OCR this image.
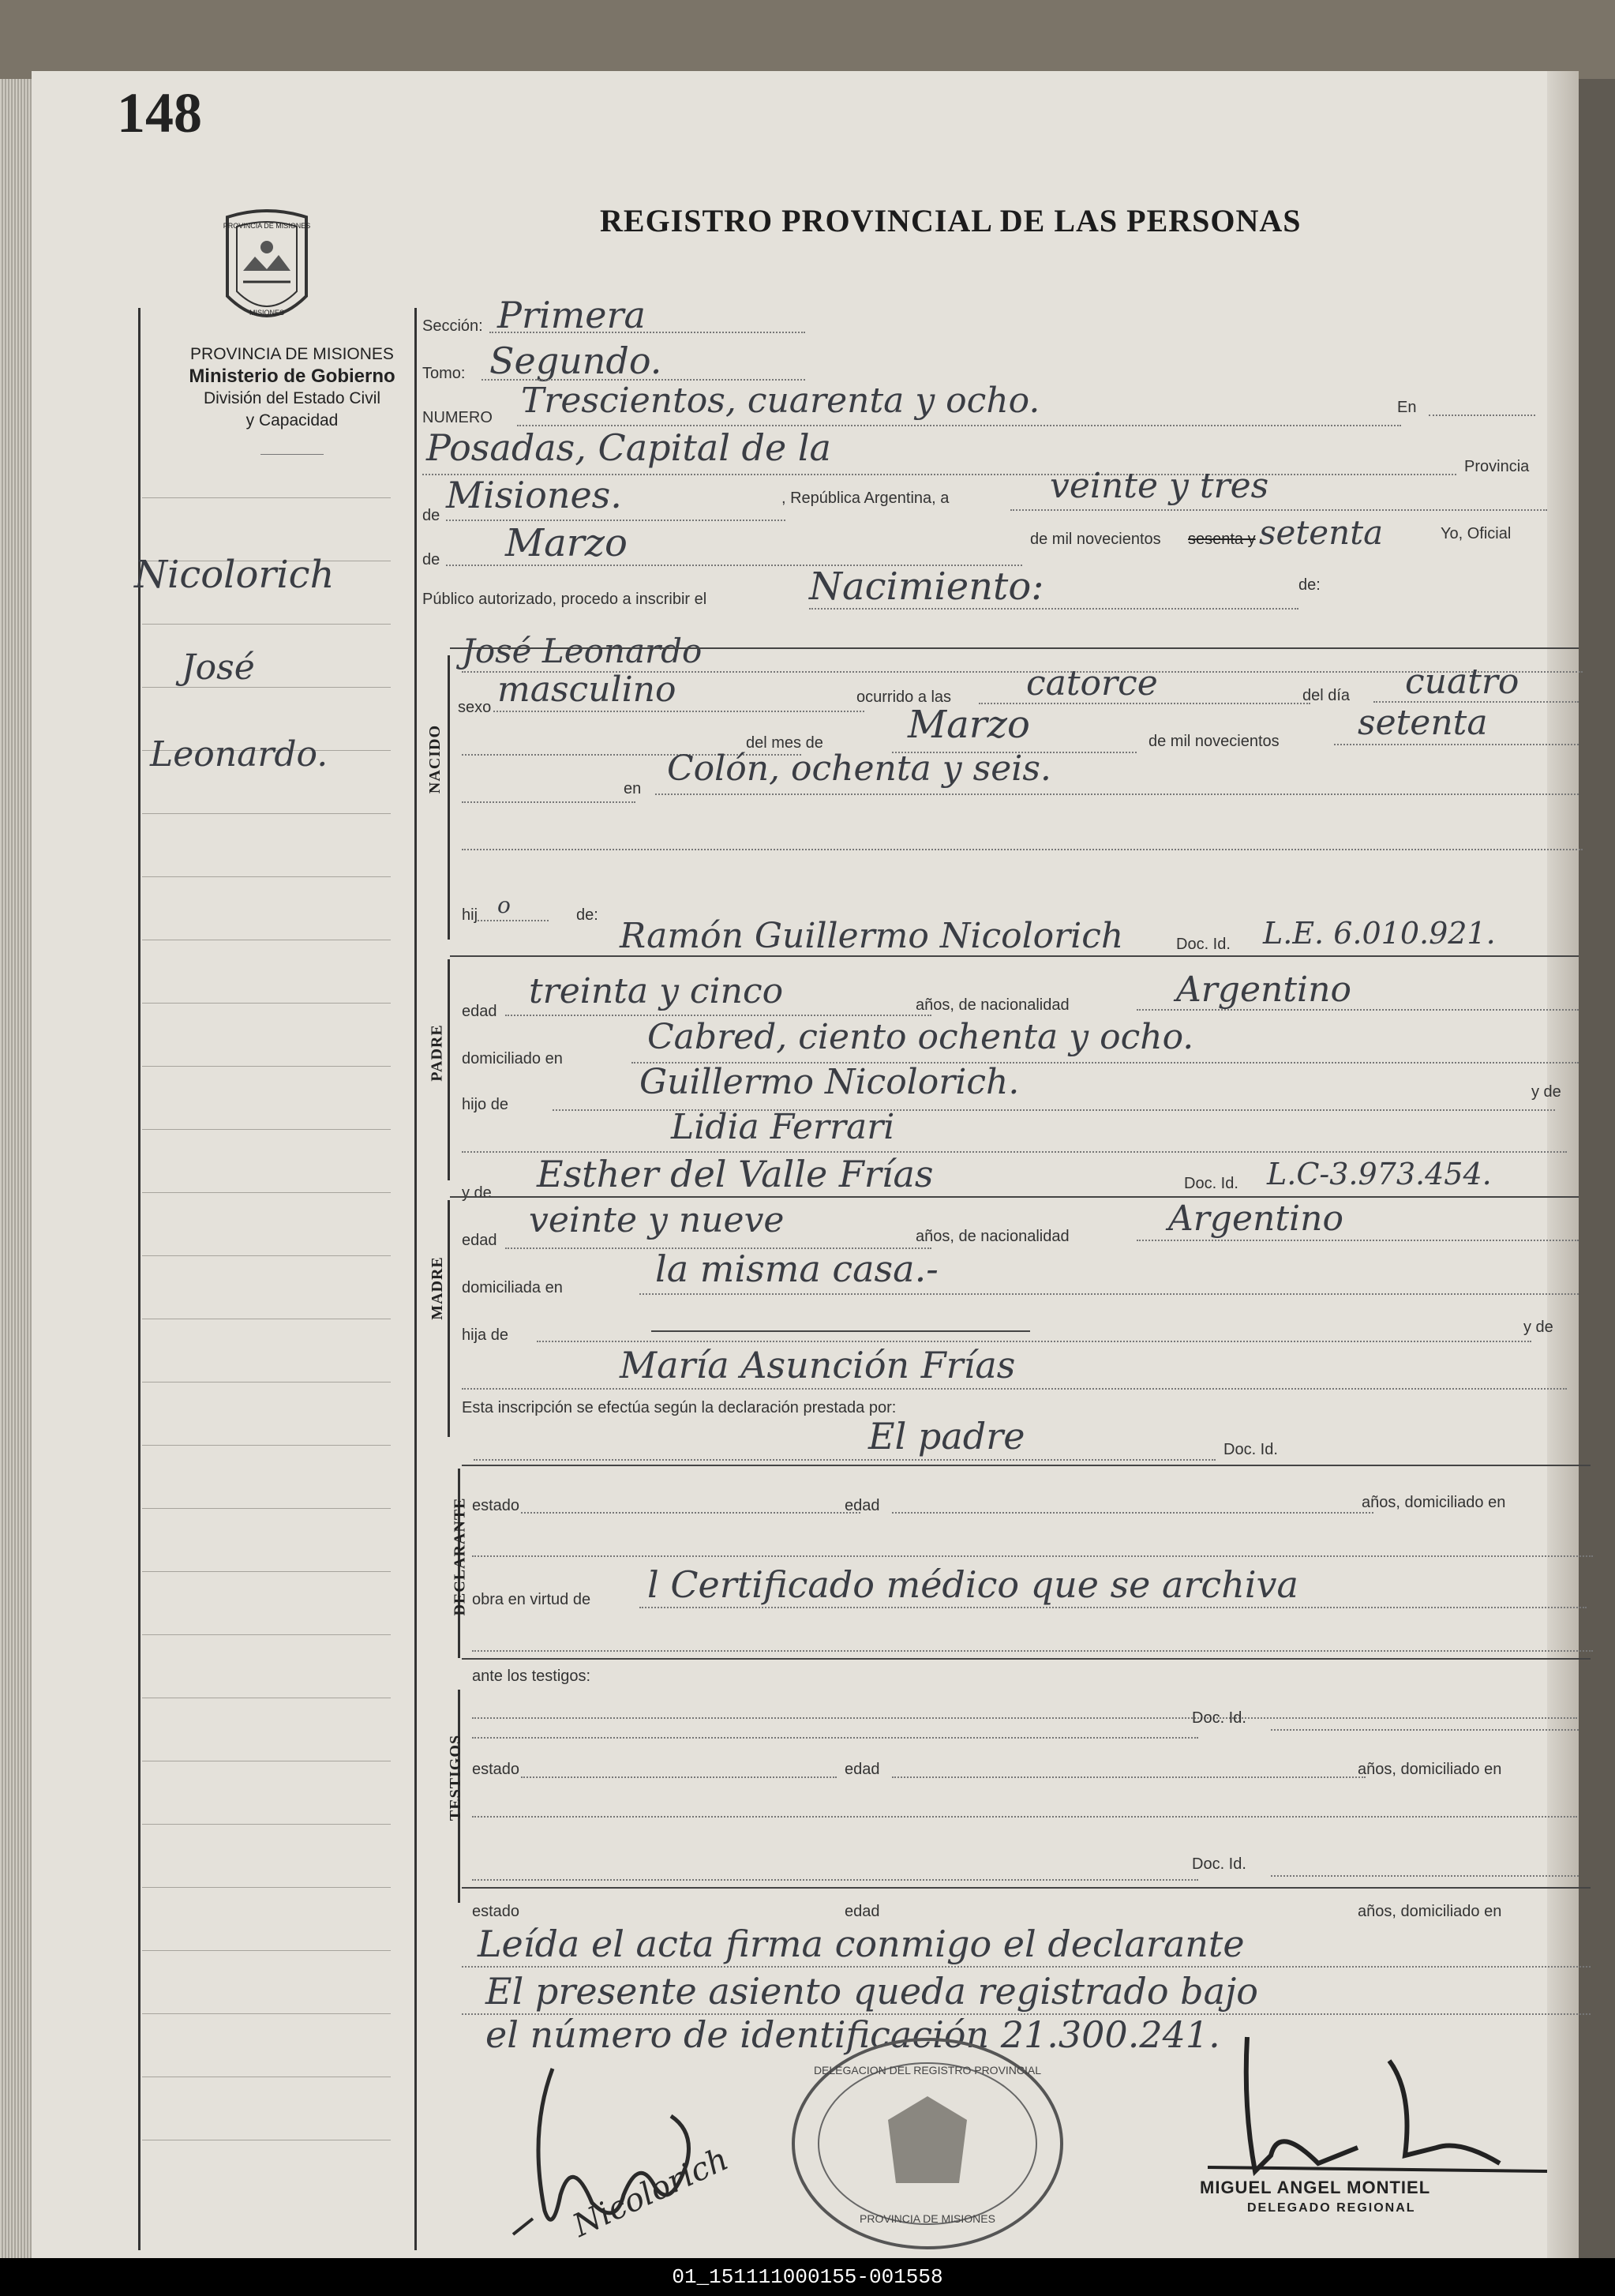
148
REGISTRO PROVINCIAL DE LAS PERSONAS
PROVINCIA DE MISIONES
MISIONES
PROVINCIA DE MISIONES
Ministerio de Gobierno
División del Estado Civil
y Capacidad
Nicolorich
José
Leonardo.
Sección: Primera
Tomo: Segundo.
NUMERO Trescientos, cuarenta y ocho.	En
Posadas, Capital de la	Provincia
de Misiones.	, República Argentina, a	veinte y tres
de Marzo	de mil novecientos sesenta y setenta	Yo, Oficial
Público autorizado, procedo a inscribir el	Nacimiento:	de:
José Leonardo
NACIDO
sexo masculino	ocurrido a las catorce	del día cuatro
del mes de Marzo	de mil novecientos setenta
en Colón, ochenta y seis.
hij o	de:
Ramón Guillermo Nicolorich	Doc. Id. L.E. 6.010.921.
PADRE
edad treinta y cinco	años, de nacionalidad	Argentino
domiciliado en
Cabred, ciento ochenta y ocho.
hijo de
Guillermo Nicolorich.	y de
Lidia Ferrari
y de Esther del Valle Frías	Doc. Id. L.C-3.973.454.
MADRE
edad veinte y nueve	años, de nacionalidad	Argentino
domiciliada en	la misma casa.-
hija de	y de
María Asunción Frías
Esta inscripción se efectúa según la declaración prestada por:
El padre	Doc. Id.
DECLARANTE estado	edad	años, domiciliado en
obra en virtud de l Certificado médico que se archiva
ante los testigos:
TESTIGOS
Doc. Id.
estado	edad	años, domiciliado en
Doc. Id.
estado	edad	años, domiciliado en
Leída el acta firma conmigo el declarante
El presente asiento queda registrado bajo
el número de identificación 21.300.241.
Nicolorich
DELEGACION DEL REGISTRO PROVINCIAL
PROVINCIA DE MISIONES
MIGUEL ANGEL MONTIEL
DELEGADO REGIONAL
01_151111000155-001558
